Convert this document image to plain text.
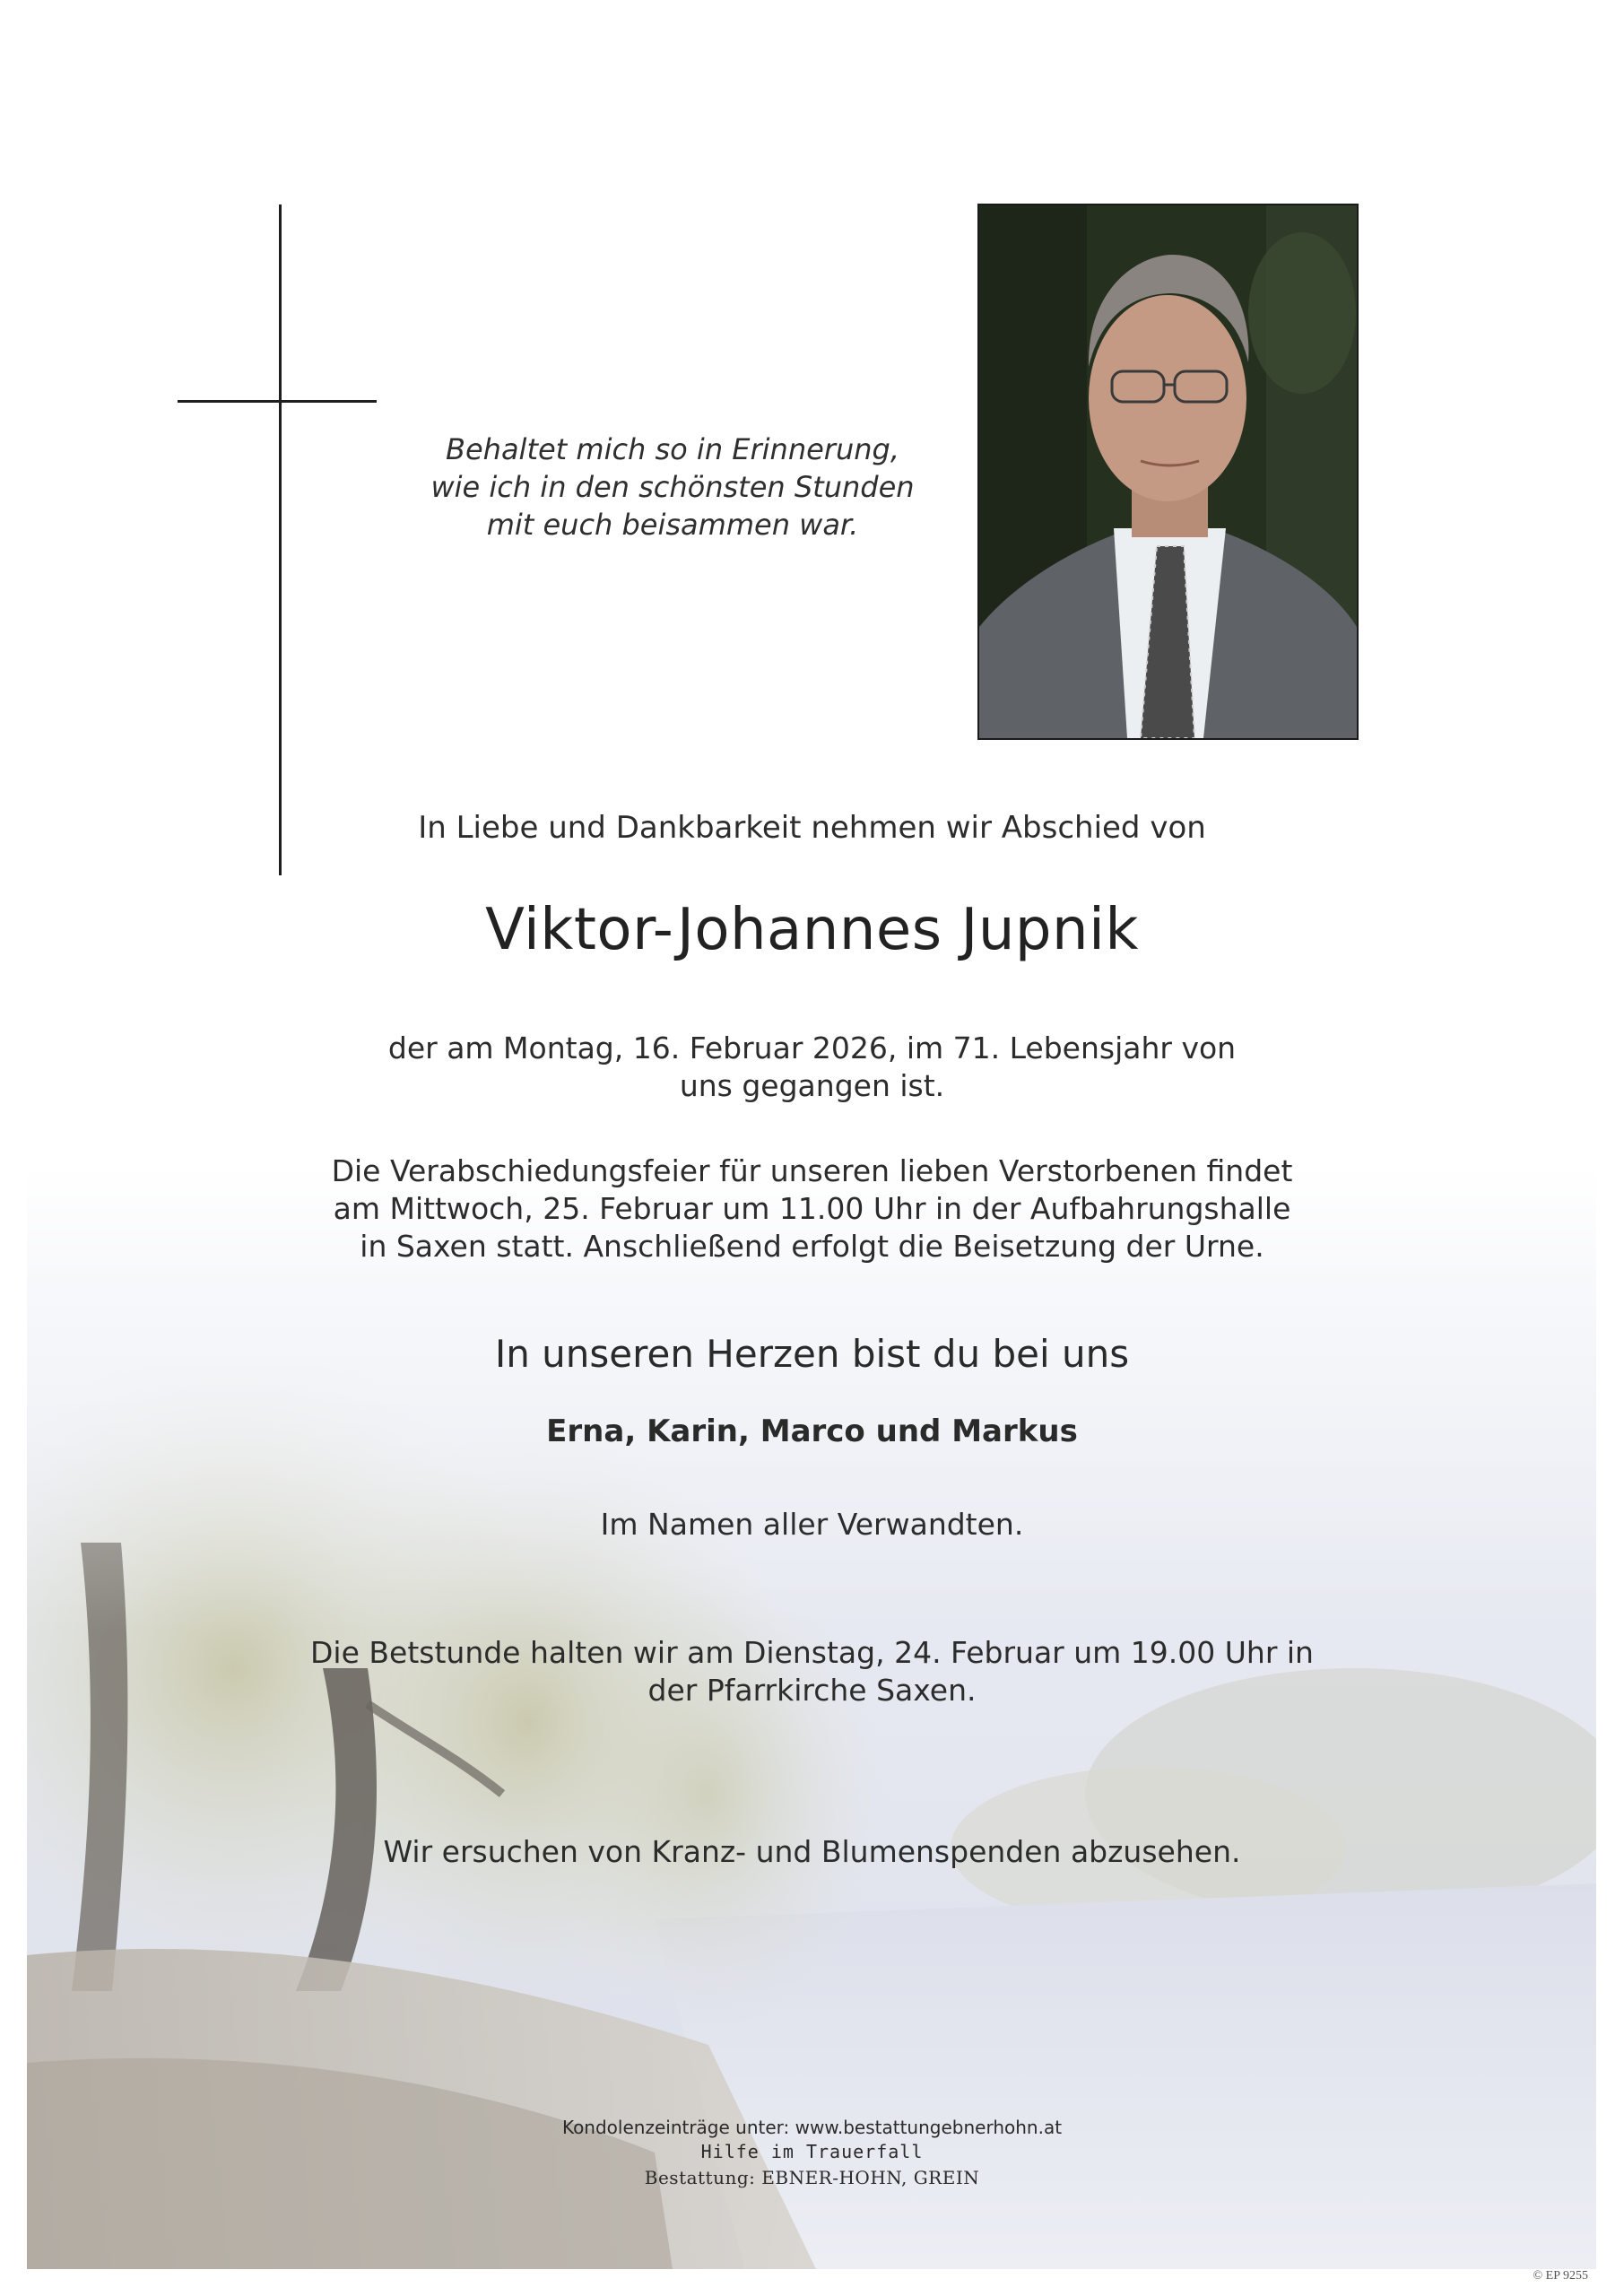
Behaltet mich so in Erinnerung,
wie ich in den schönsten Stunden
mit euch beisammen war.
In Liebe und Dankbarkeit nehmen wir Abschied von
Viktor-Johannes Jupnik
der am Montag, 16. Februar 2026, im 71. Lebensjahr von
uns gegangen ist.
Die Verabschiedungsfeier für unseren lieben Verstorbenen findet
am Mittwoch, 25. Februar um 11.00 Uhr in der Aufbahrungshalle
in Saxen statt. Anschließend erfolgt die Beisetzung der Urne.
In unseren Herzen bist du bei uns
Erna, Karin, Marco und Markus
Im Namen aller Verwandten.
Die Betstunde halten wir am Dienstag, 24. Februar um 19.00 Uhr in
der Pfarrkirche Saxen.
Wir ersuchen von Kranz- und Blumenspenden abzusehen.
Kondolenzeinträge unter: www.bestattungebnerhohn.at
Hilfe im Trauerfall
Bestattung: EBNER-HOHN, GREIN
© EP 9255
